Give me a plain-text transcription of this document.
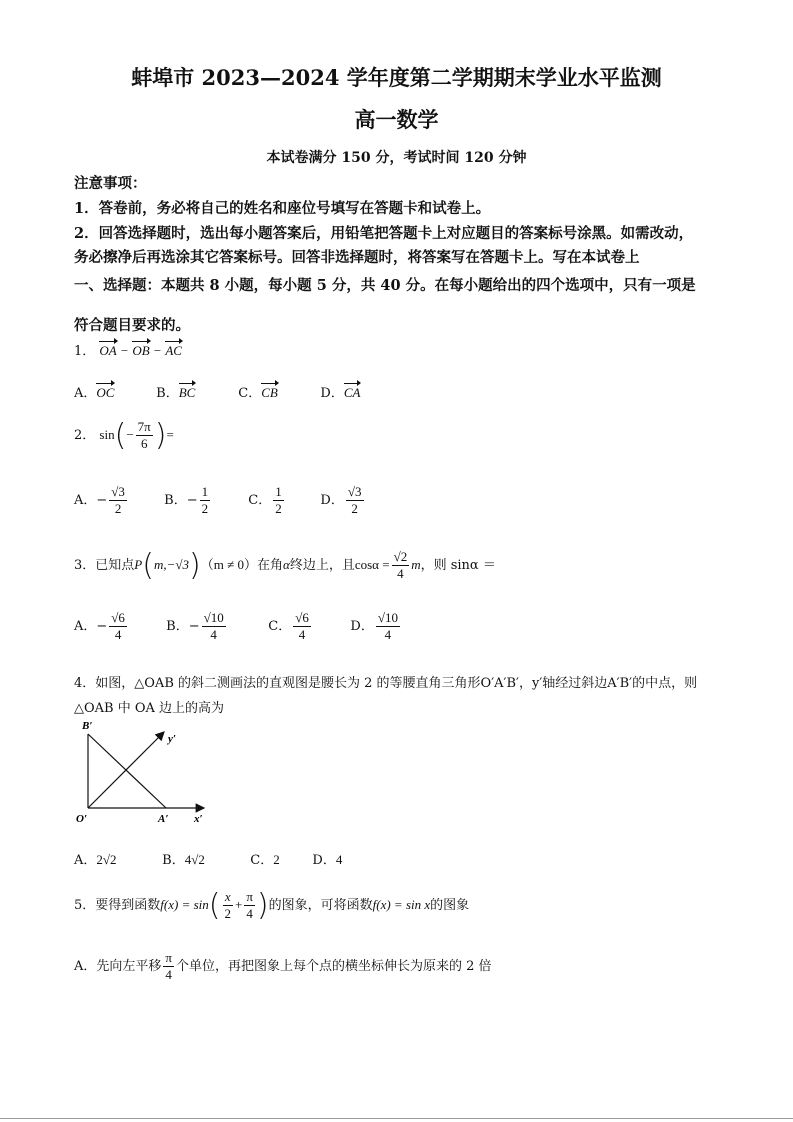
蚌埠市 2023—2024 学年度第二学期期末学业水平监测
高一数学
本试卷满分 150 分，考试时间 120 分钟
注意事项：
1．答卷前，务必将自己的姓名和座位号填写在答题卡和试卷上。
2．回答选择题时，选出每小题答案后，用铅笔把答题卡上对应题目的答案标号涂黑。如需改动，
务必擦净后再选涂其它答案标号。回答非选择题时，将答案写在答题卡上。写在本试卷上
一、选择题：本题共 8 小题，每小题 5 分，共 40 分。在每小题给出的四个选项中，只有一项是
符合题目要求的。
1． OA − OB − AC
A．OC	B．BC	C．CB	D．CA
2． $\sin(- \frac{7\pi}{6}$ )=
A．− $\frac{√3}{2}$	B．− $\frac{1}{2}$	C． $\frac{1}{2}$	D． $\frac{√3}{2}$
3．已知点P(m,−√3)（m ≠ 0）在角α终边上，且$\cos\alpha = \frac{√2}{4}$ m，则 sinα ＝
A．− $\frac{√6}{4}$	B．− $\frac{√10}{4}$	C． $\frac{√6}{4}$	D． $\frac{√10}{4}$
4．如图，△OAB 的斜二测画法的直观图是腰长为 2 的等腰直角三角形O′A′B′，y′轴经过斜边A′B′的中点，则
△OAB 中 OA 边上的高为
B′
y′
O′	A′ x′
A．2√2	B．4√2	C．2	D．4
5．要得到函数$f(x) = \sin( \frac{x}{2} + \frac{\pi}{4}$ )的图象，可将函数f(x) = sin x的图象
A．先向左平移 $\frac{\pi}{4}$ 个单位，再把图象上每个点的横坐标伸长为原来的 2 倍
